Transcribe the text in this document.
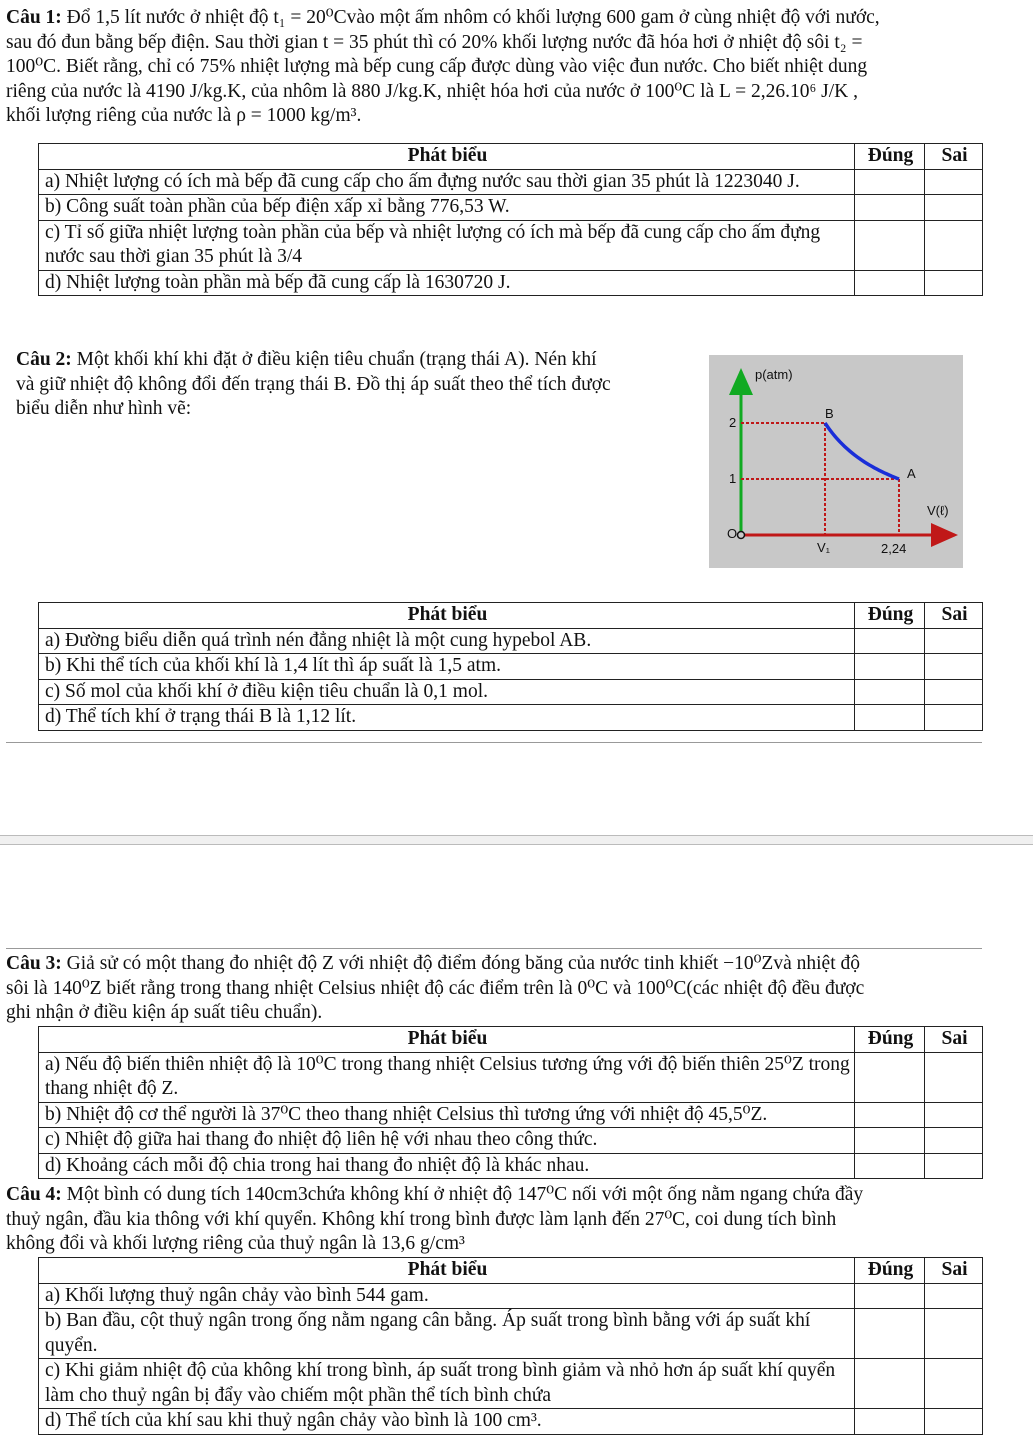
Câu 1: Đổ 1,5 lít nước ở nhiệt độ t₁ = 20⁰Cvào một ấm nhôm có khối lượng 600 gam ở cùng nhiệt độ với nước,
sau đó đun bằng bếp điện. Sau thời gian t = 35 phút thì có 20% khối lượng nước đã hóa hơi ở nhiệt độ sôi t₂ =
100⁰C. Biết rằng, chỉ có 75% nhiệt lượng mà bếp cung cấp được dùng vào việc đun nước. Cho biết nhiệt dung
riêng của nước là 4190 J/kg.K, của nhôm là 880 J/kg.K, nhiệt hóa hơi của nước ở 100⁰C là L = 2,26.10⁶ J/K ,
khối lượng riêng của nước là ρ = 1000 kg/m³.

Phát biểu	Đúng	Sai
a) Nhiệt lượng có ích mà bếp đã cung cấp cho ấm đựng nước sau thời gian 35 phút là 1223040 J.		
b) Công suất toàn phần của bếp điện xấp xỉ bằng 776,53 W.		
c) Tỉ số giữa nhiệt lượng toàn phần của bếp và nhiệt lượng có ích mà bếp đã cung cấp cho ấm đựng nước sau thời gian 35 phút là 3/4		
d) Nhiệt lượng toàn phần mà bếp đã cung cấp là 1630720 J.		

Câu 2: Một khối khí khi đặt ở điều kiện tiêu chuẩn (trạng thái A). Nén khí
và giữ nhiệt độ không đổi đến trạng thái B. Đồ thị áp suất theo thể tích được
biểu diễn như hình vẽ:

p(atm)
V(ℓ)
O
1
2
V₁	2,24
B
A
Phát biểu	Đúng	Sai
a) Đường biểu diễn quá trình nén đẳng nhiệt là một cung hypebol AB.		
b) Khi thể tích của khối khí là 1,4 lít thì áp suất là 1,5 atm.		
c) Số mol của khối khí ở điều kiện tiêu chuẩn là 0,1 mol.		
d) Thể tích khí ở trạng thái B là 1,12 lít.		

Câu 3: Giả sử có một thang đo nhiệt độ Z với nhiệt độ điểm đóng băng của nước tinh khiết −10⁰Zvà nhiệt độ
sôi là 140⁰Z biết rằng trong thang nhiệt Celsius nhiệt độ các điểm trên là 0⁰C và 100⁰C(các nhiệt độ đều được
ghi nhận ở điều kiện áp suất tiêu chuẩn).

Phát biểu	Đúng	Sai
a) Nếu độ biến thiên nhiệt độ là 10⁰C trong thang nhiệt Celsius tương ứng với độ biến thiên 25⁰Z trong thang nhiệt độ Z.		
b) Nhiệt độ cơ thể người là 37⁰C theo thang nhiệt Celsius thì tương ứng với nhiệt độ 45,5⁰Z.		
c) Nhiệt độ giữa hai thang đo nhiệt độ liên hệ với nhau theo công thức.		
d) Khoảng cách mỗi độ chia trong hai thang đo nhiệt độ là khác nhau.		

Câu 4: Một bình có dung tích 140cm3chứa không khí ở nhiệt độ 147⁰C nối với một ống nằm ngang chứa đầy
thuỷ ngân, đầu kia thông với khí quyển. Không khí trong bình được làm lạnh đến 27⁰C, coi dung tích bình
không đổi và khối lượng riêng của thuỷ ngân là 13,6 g/cm³

Phát biểu	Đúng	Sai
a) Khối lượng thuỷ ngân chảy vào bình 544 gam.		
b) Ban đầu, cột thuỷ ngân trong ống nằm ngang cân bằng. Áp suất trong bình bằng với áp suất khí quyển.		
c) Khi giảm nhiệt độ của không khí trong bình, áp suất trong bình giảm và nhỏ hơn áp suất khí quyển làm cho thuỷ ngân bị đẩy vào chiếm một phần thể tích bình chứa		
d) Thể tích của khí sau khi thuỷ ngân chảy vào bình là 100 cm³.		
